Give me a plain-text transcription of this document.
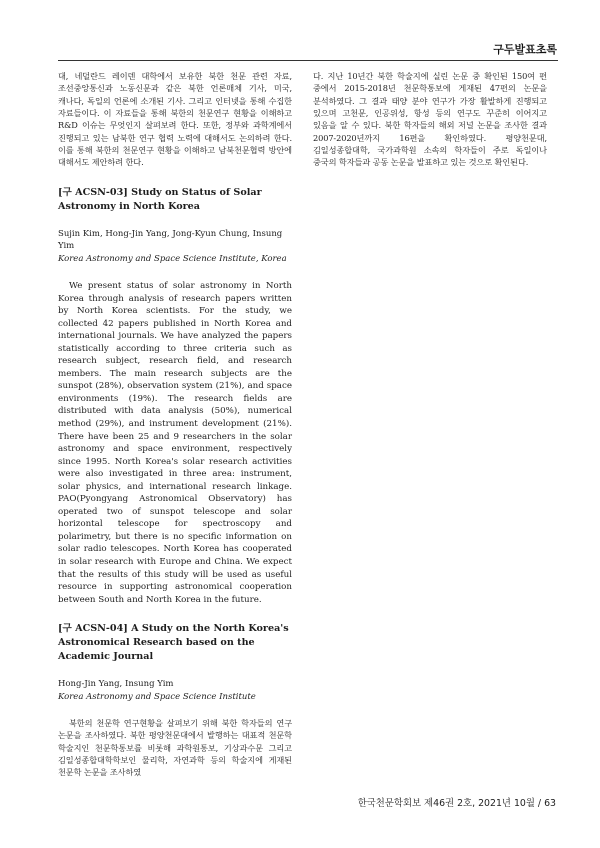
구두발표초록

대, 네덜란드 레이덴 대학에서 보유한 북한 천문 관련 자료, 조선중앙통신과 노동신문과 같은 북한 언론매체 기사, 미국, 캐나다, 독일의 언론에 소개된 기사. 그리고 인터넷을 통해 수집한 자료들이다. 이 자료들을 통해 북한의 천문연구 현황을 이해하고 R&D 이슈는 무엇인지 살펴보려 한다. 또한, 정부와 과학계에서 진행되고 있는 남북한 연구 협력 노력에 대해서도 논의하려 한다. 이를 통해 북한의 천문연구 현황을 이해하고 남북천문협력 방안에 대해서도 제안하려 한다.

[구 ACSN-03] Study on Status of Solar Astronomy in North Korea

Sujin Kim, Hong-Jin Yang, Jong-Kyun Chung, Insung Yim

Korea Astronomy and Space Science Institute, Korea

We present status of solar astronomy in North Korea through analysis of research papers written by North Korea scientists. For the study, we collected 42 papers published in North Korea and international journals. We have analyzed the papers statistically according to three criteria such as research subject, research field, and research members. The main research subjects are the sunspot (28%), observation system (21%), and space environments (19%). The research fields are distributed with data analysis (50%), numerical method (29%), and instrument development (21%). There have been 25 and 9 researchers in the solar astronomy and space environment, respectively since 1995. North Korea's solar research activities were also investigated in three area: instrument, solar physics, and international research linkage. PAO(Pyongyang Astronomical Observatory) has operated two of sunspot telescope and solar horizontal telescope for spectroscopy and polarimetry, but there is no specific information on solar radio telescopes. North Korea has cooperated in solar research with Europe and China. We expect that the results of this study will be used as useful resource in supporting astronomical cooperation between South and North Korea in the future.

[구 ACSN-04] A Study on the North Korea's Astronomical Research based on the Academic Journal

Hong-Jin Yang, Insung Yim

Korea Astronomy and Space Science Institute

북한의 천문학 연구현황을 살펴보기 위해 북한 학자들의 연구 논문을 조사하였다. 북한 평양천문대에서 발행하는 대표적 천문학 학술지인 천문학통보를 비롯해 과학원통보, 기상과수문 그리고 김일성종합대학학보인 물리학, 자연과학 등의 학술지에 게재된 천문학 논문을 조사하였

다. 지난 10년간 북한 학술지에 실린 논문 중 확인된 150여 편 중에서 2015-2018년 천문학통보에 게재된 47편의 논문을 분석하였다. 그 결과 태양 분야 연구가 가장 활발하게 진행되고 있으며 고천문, 인공위성, 항성 등의 연구도 꾸준히 이어지고 있음을 알 수 있다. 북한 학자들의 해외 저널 논문을 조사한 결과 2007-2020년까지 16편을 확인하였다. 평양천문대, 김일성종합대학, 국가과학원 소속의 학자들이 주로 독일이나 중국의 학자들과 공동 논문을 발표하고 있는 것으로 확인된다.

한국천문학회보 제46권 2호, 2021년 10월 / 63
